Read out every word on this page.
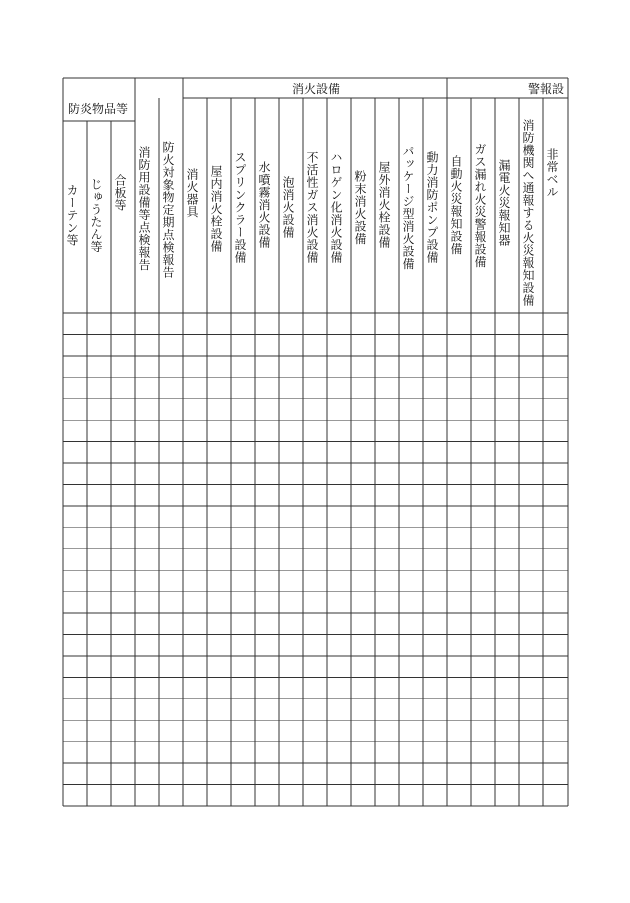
防炎物品等
消火設備	警報設
カーテン等 じゅうたん等 合板等 消防用設備等点検報告 防火対象物定期点検報告 消火器具 屋内消火栓設備 スプリンクラー設備 水噴霧消火設備 泡消火設備 不活性ガス消火設備 ハロゲン化消火設備 粉末消火設備 屋外消火栓設備 パッケージ型消火設備 動力消防ポンプ設備 自動火災報知設備 ガス漏れ火災警報設備 漏電火災報知器 消防機関へ通報する火災報知設備 非常ベル
